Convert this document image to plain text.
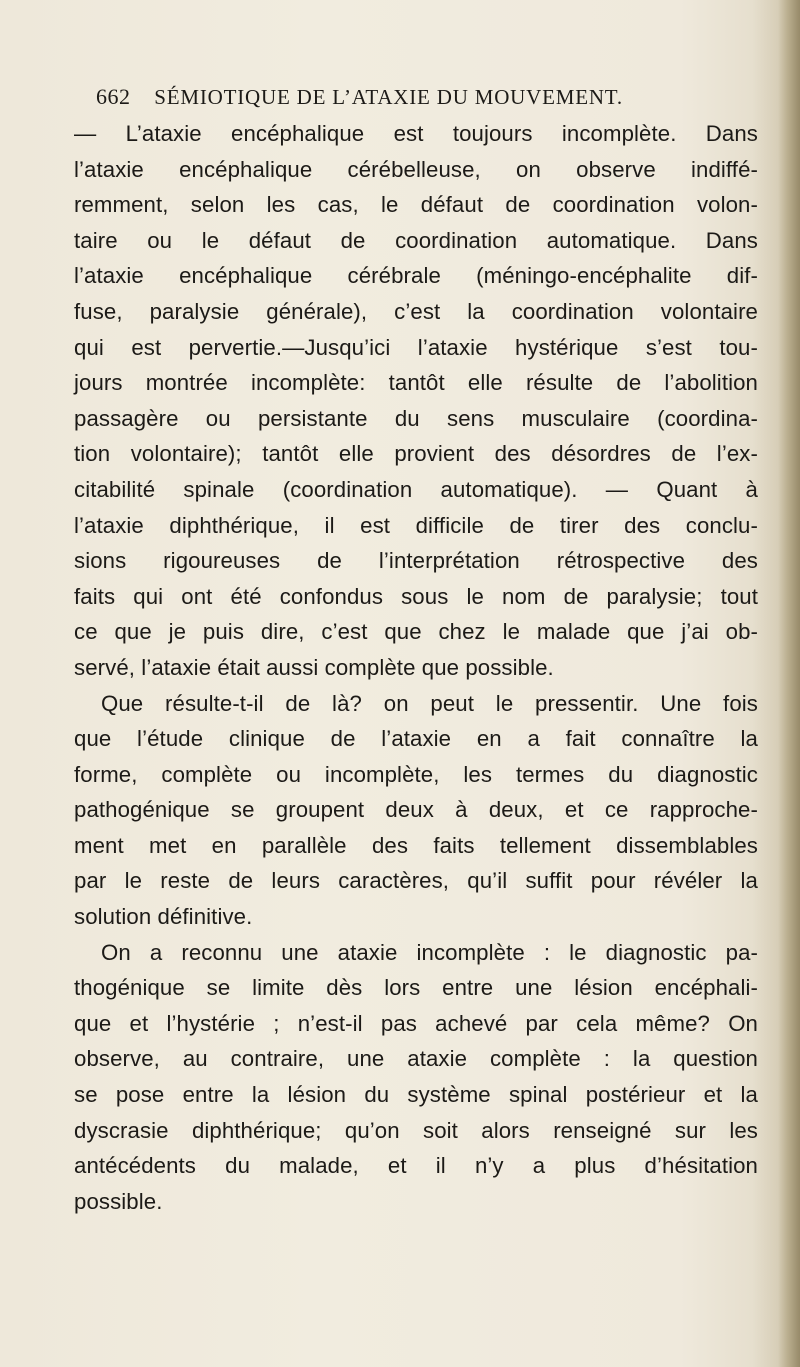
662 SÉMIOTIQUE DE L’ATAXIE DU MOUVEMENT.
— L’ataxie encéphalique est toujours incomplète. Dans
l’ataxie encéphalique cérébelleuse, on observe indiffé-
remment, selon les cas, le défaut de coordination volon-
taire ou le défaut de coordination automatique. Dans
l’ataxie encéphalique cérébrale (méningo-encéphalite dif-
fuse, paralysie générale), c’est la coordination volontaire
qui est pervertie.—Jusqu’ici l’ataxie hystérique s’est tou-
jours montrée incomplète: tantôt elle résulte de l’abolition
passagère ou persistante du sens musculaire (coordina-
tion volontaire); tantôt elle provient des désordres de l’ex-
citabilité spinale (coordination automatique). — Quant à
l’ataxie diphthérique, il est difficile de tirer des conclu-
sions rigoureuses de l’interprétation rétrospective des
faits qui ont été confondus sous le nom de paralysie; tout
ce que je puis dire, c’est que chez le malade que j’ai ob-
servé, l’ataxie était aussi complète que possible.
Que résulte-t-il de là? on peut le pressentir. Une fois
que l’étude clinique de l’ataxie en a fait connaître la
forme, complète ou incomplète, les termes du diagnostic
pathogénique se groupent deux à deux, et ce rapproche-
ment met en parallèle des faits tellement dissemblables
par le reste de leurs caractères, qu’il suffit pour révéler la
solution définitive.
On a reconnu une ataxie incomplète : le diagnostic pa-
thogénique se limite dès lors entre une lésion encéphali-
que et l’hystérie ; n’est-il pas achevé par cela même? On
observe, au contraire, une ataxie complète : la question
se pose entre la lésion du système spinal postérieur et la
dyscrasie diphthérique; qu’on soit alors renseigné sur les
antécédents du malade, et il n’y a plus d’hésitation
possible.
